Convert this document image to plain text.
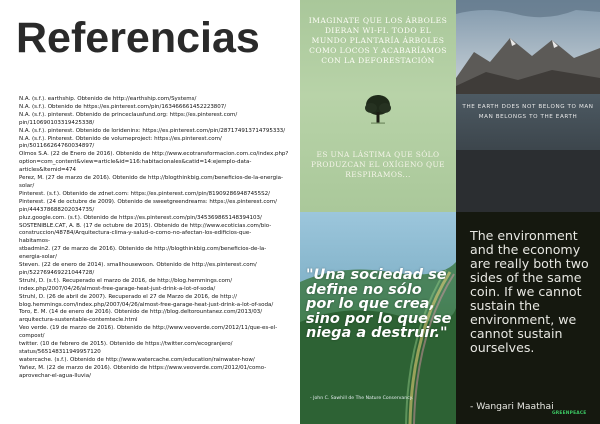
Referencias
N.A. (s.f.). earthship. Obtenido de http://earthship.com/Systems/
N.A. (s.f.). Obtenido de https://es.pinterest.com/pin/163466661452223807/
N.A. (s.f.). pinterest. Obtenido de princeclausfund.org: https://es.pinterest.com/
pin/110690103319425338/
N.A. (s.f.). pinterest. Obtenido de lorideninx: https://es.pinterest.com/pin/287174913714795333/
N.A. (s.f.). Pinterest. Obtenido de volumeproject: https://es.pinterest.com/
pin/501166264760034897/
Olmos S.A. (22 de Enero de 2016). Obtenido de http://www.ecotransformacion.com.co/index.php?
option=com_content&view=article&id=116:habitacionales&catid=14:ejemplo-data-
articles&Itemid=474
Perez, M. (27 de marzo de 2016). Obtenido de http://blogthinkbig.com/beneficios-de-la-energia-
solar/
Pinterest. (s.f.). Obtenido de zdnet.com: https://es.pinterest.com/pin/819092869487455S2/
Pinterest. (24 de octubre de 2009). Obtenido de sweetgreendreams: https://es.pinterest.com/
pin/444378688202034735/
pluz.google.com. (s.f.). Obtenido de https://es.pinterest.com/pin/345369865148394103/
SOSTENIBLE.CAT, A. B. (17 de octubre de 2015). Obtenido de http://www.ecoticias.com/bio-
construccion/48784/Arquitectura-clima-y-salud-o-como-no-afectan-los-edificios-que-
habitamos-
stbadmin2. (27 de marzo de 2016). Obtenido de http://blogthinkbig.com/beneficios-de-la-
energia-solar/
Steven. (22 de enero de 2014). smallhousewoon. Obtenido de http://es.pinterest.com/
pin/522769469221044728/
Struhl, D. (s.f.). Recuperado el marzo de 2016, de http://blog.hemmings.com/
index.php/2007/04/26/almost-free-garage-heat-just-drink-a-lot-of-soda/
Struhl, D. (26 de abril de 2007). Recuperado el 27 de Marzo de 2016, de http://
blog.hemmings.com/index.php/2007/04/26/almost-free-garage-heat-just-drink-a-lot-of-soda/
Toro, E. M. (14 de enero de 2016). Obtenido de http://blog.deltorountanez.com/2013/03/
arquitectura-sustentable-contemtecle.html
Veo verde. (19 de marzo de 2016). Obtenido de http://www.veoverde.com/2012/11/que-es-el-
compost/
twitter. (10 de febrero de 2015). Obtenido de https://twitter.com/ecogranjero/
status/565148311949957120
watercache. (s.f.). Obtenido de http://www.watercache.com/education/rainwater-how/
Yañez, M. (22 de marzo de 2016). Obtenido de https://www.veoverde.com/2012/01/como-
aprovechar-el-agua-lluvia/
IMAGINATE QUE LOS ÁRBOLES DIERAN WI-FI. TODO EL MUNDO PLANTARÍA ÁRBOLES COMO LOCOS Y ACABARÍAMOS CON LA DEFORESTACIÓN
ES UNA LÁSTIMA QUE SÓLO PRODUZCAN EL OXÍGENO QUE RESPIRAMOS...
THE EARTH DOES NOT BELONG TO MAN
MAN BELONGS TO THE EARTH
"Una sociedad se define no sólo por lo que crea, sino por lo que se niega a destruir."
- John C. Sawhill de The Nature Conservancy.
The environment and the economy are really both two sides of the same coin. If we cannot sustain the environment, we cannot sustain ourselves.
- Wangari Maathai
GREENPEACE
